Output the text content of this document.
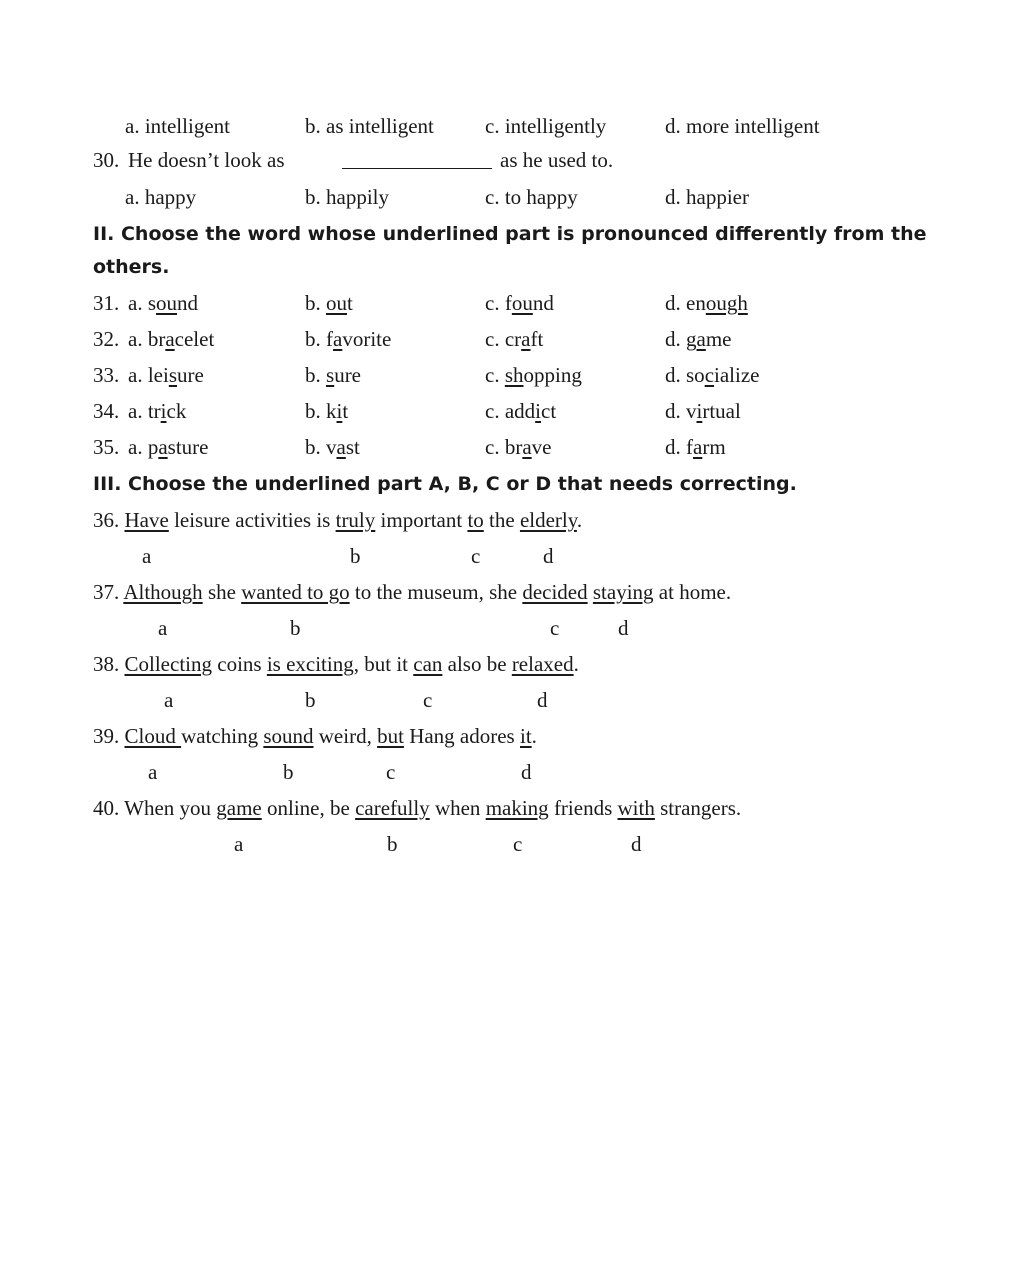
a. intelligent	b. as intelligent c. intelligently	d. more intelligent
30. He doesn’t look as	as he used to.
a. happy	b. happily	c. to happy	d. happier
II. Choose the word whose underlined part is pronounced differently from the
others.
31. a. sound	b. out	c. found	d. enough
32. a. bracelet	b. favorite	c. craft	d. game
33. a. leisure	b. sure	c. shopping	d. socialize
34. a. trick	b. kit	c. addict	d. virtual
35. a. pasture	b. vast	c. brave	d. farm
III. Choose the underlined part A, B, C or D that needs correcting.
36. Have leisure activities is truly important to the elderly.
a	b	c	d
37. Although she wanted to go to the museum, she decided staying at home.
a	b	c	d
38. Collecting coins is exciting, but it can also be relaxed.
a	b	c	d
39. Cloud watching sound weird, but Hang adores it.
a	b	c	d
40. When you game online, be carefully when making friends with strangers.
a	b	c	d
